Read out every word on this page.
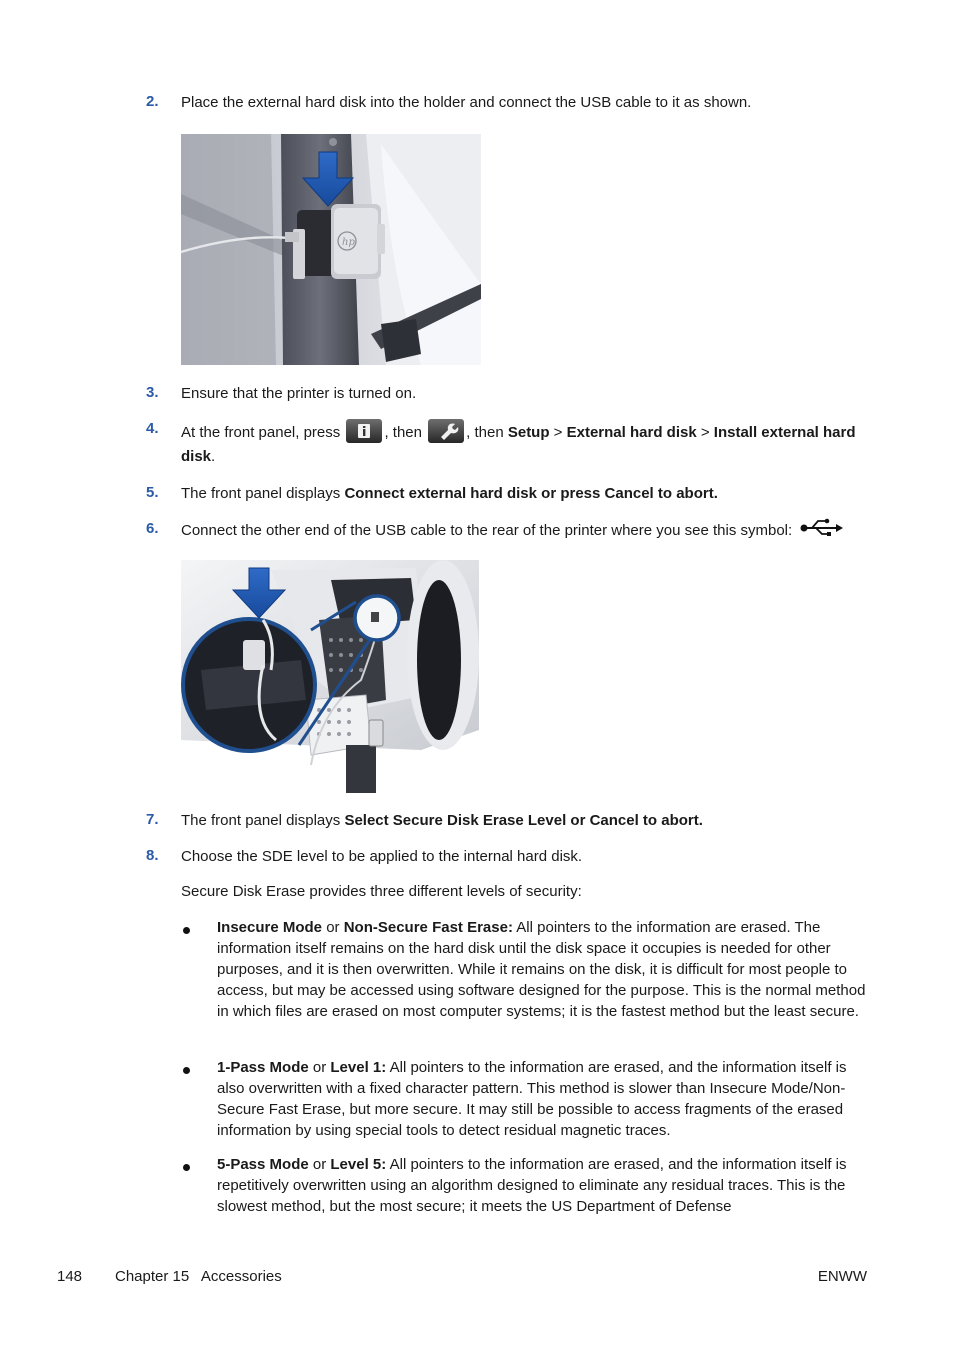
2. Place the external hard disk into the holder and connect the USB cable to it as shown.
hp
3. Ensure that the printer is turned on.
4. At the front panel, press	, then	, then Setup > External hard disk > Install external hard disk.
5. The front panel displays Connect external hard disk or press Cancel to abort.
6. Connect the other end of the USB cable to the rear of the printer where you see this symbol:
7. The front panel displays Select Secure Disk Erase Level or Cancel to abort.
8. Choose the SDE level to be applied to the internal hard disk.
Secure Disk Erase provides three different levels of security:
Insecure Mode or Non-Secure Fast Erase: All pointers to the information are erased. The information itself remains on the hard disk until the disk space it occupies is needed for other purposes, and it is then overwritten. While it remains on the disk, it is difficult for most people to access, but may be accessed using software designed for the purpose. This is the normal method in which files are erased on most computer systems; it is the fastest method but the least secure.
1-Pass Mode or Level 1: All pointers to the information are erased, and the information itself is also overwritten with a fixed character pattern. This method is slower than Insecure Mode/Non-Secure Fast Erase, but more secure. It may still be possible to access fragments of the erased information by using special tools to detect residual magnetic traces.
5-Pass Mode or Level 5: All pointers to the information are erased, and the information itself is repetitively overwritten using an algorithm designed to eliminate any residual traces. This is the slowest method, but the most secure; it meets the US Department of Defense
148 Chapter 15   Accessories	ENWW
